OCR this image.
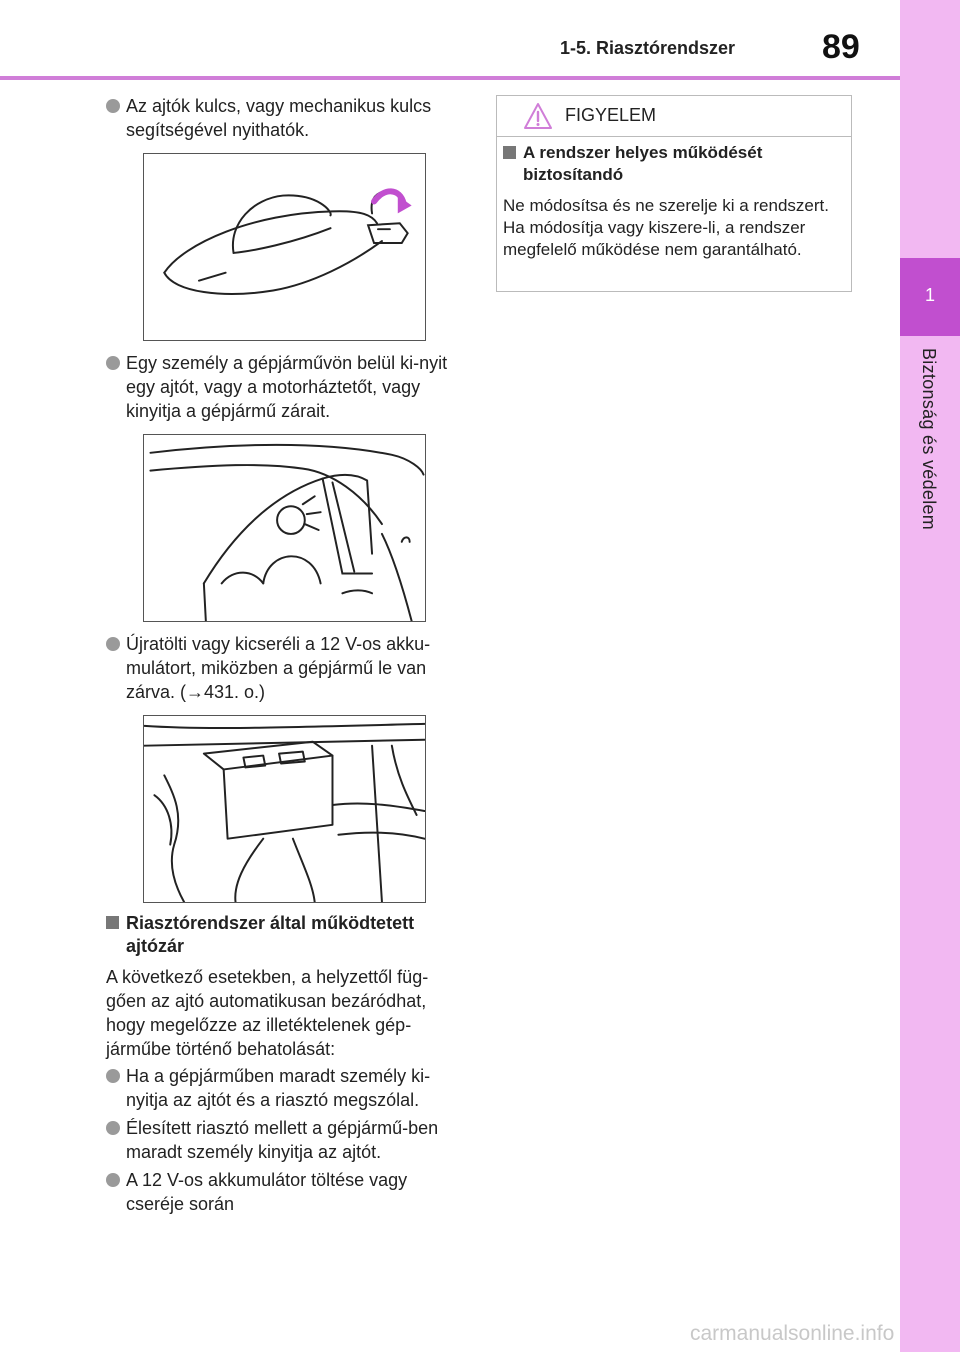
1-5. Riasztórendszer	89
1
Biztonság és védelem
Az ajtók kulcs, vagy mechanikus kulcs segítségével nyithatók.
Egy személy a gépjárművön belül ki-nyit egy ajtót, vagy a motorháztetőt, vagy kinyitja a gépjármű zárait.
Újratölti vagy kicseréli a 12 V-os akku-mulátort, miközben a gépjármű le van zárva. (→431. o.)
Riasztórendszer által működtetett ajtózár
A következő esetekben, a helyzettől füg-gően az ajtó automatikusan bezáródhat, hogy megelőzze az illetéktelenek gép-járműbe történő behatolását:
Ha a gépjárműben maradt személy ki-nyitja az ajtót és a riasztó megszólal.
Élesített riasztó mellett a gépjármű-ben maradt személy kinyitja az ajtót.
A 12 V-os akkumulátor töltése vagy cseréje során
FIGYELEM
A rendszer helyes működését biztosítandó
Ne módosítsa és ne szerelje ki a rendszert. Ha módosítja vagy kiszere-li, a rendszer megfelelő működése nem garantálható.
carmanualsonline.info
